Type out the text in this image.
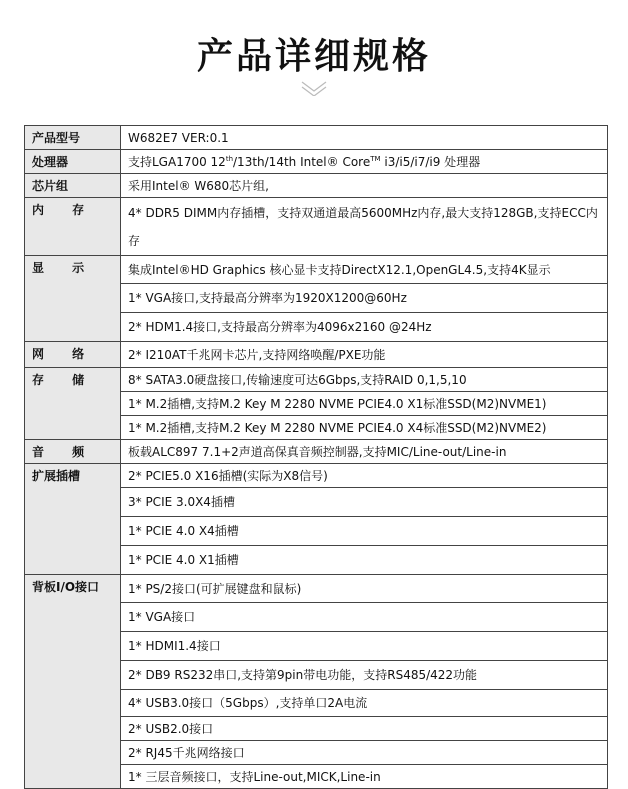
产品详细规格
产品型号	W682E7 VER:0.1
处理器	支持LGA1700 12th/13th/14th Intel® Core™ i3/i5/i7/i9 处理器
芯片组	采用Intel® W680芯片组,
内 存	4* DDR5 DIMM内存插槽，支持双通道最高5600MHz内存,最大支持128GB,支持ECC内存
显 示	集成Intel®HD Graphics 核心显卡支持DirectX12.1,OpenGL4.5,支持4K显示
	1* VGA接口,支持最高分辨率为1920X1200@60Hz
	2* HDM1.4接口,支持最高分辨率为4096x2160 @24Hz
网 络	2* I210AT千兆网卡芯片,支持网络唤醒/PXE功能
存 储	8* SATA3.0硬盘接口,传输速度可达6Gbps,支持RAID 0,1,5,10
	1* M.2插槽,支持M.2 Key M 2280 NVME PCIE4.0 X1标准SSD(M2)NVME1)
	1* M.2插槽,支持M.2 Key M 2280 NVME PCIE4.0 X4标准SSD(M2)NVME2)
音 频	板载ALC897 7.1+2声道高保真音频控制器,支持MIC/Line-out/Line-in
扩展插槽	2* PCIE5.0 X16插槽(实际为X8信号)
	3* PCIE 3.0X4插槽
	1* PCIE 4.0 X4插槽
	1* PCIE 4.0 X1插槽
背板I/O接口	1* PS/2接口(可扩展键盘和鼠标)
	1* VGA接口
	1* HDMI1.4接口
	2* DB9 RS232串口,支持第9pin带电功能，支持RS485/422功能
	4* USB3.0接口（5Gbps）,支持单口2A电流
	2* USB2.0接口
	2* RJ45千兆网络接口
	1* 三层音频接口，支持Line-out,MICK,Line-in
